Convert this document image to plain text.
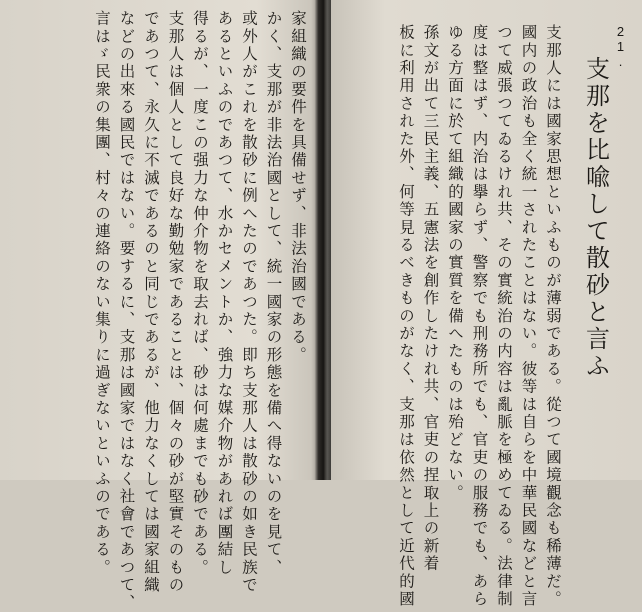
家組織の要件を具備せず、非法治國である。
かく、支那が非法治國として、統一國家の形態を備へ得ないのを見て、
或外人がこれを散砂に例へたのであつた。即ち支那人は散砂の如き民族で
あるといふのであつて、水かセメントか、強力な媒介物があれば團結し
得るが、一度この强力な仲介物を取去れば、砂は何處までも砂である。
支那人は個人として良好な勤勉家であることは、個々の砂が堅實そのもの
であつて、永久に不滅であるのと同じであるが、他力なくしては國家組織
などの出來る國民ではない。要するに、支那は國家ではなく社會であつて、
言はゞ民衆の集團、村々の連絡のない集りに過ぎないといふのである。	21.
支那を比喩して散砂と言ふ
支那人には國家思想といふものが薄弱である。從つて國境觀念も稀薄だ。
國内の政治も全く統一されたことはない。彼等は自らを中華民國などと言
つて威張つてゐるけれ共、その實統治の内容は亂脈を極めてゐる。法律制
度は整はず、内治は擧らず、警察でも刑務所でも、官吏の服務でも、あら
ゆる方面に於て組織的國家の實質を備へたものは殆どない。
孫文が出て三民主義、五憲法を創作したけれ共、官吏の捏取上の新着
板に利用された外、何等見るべきものがなく、支那は依然として近代的國
